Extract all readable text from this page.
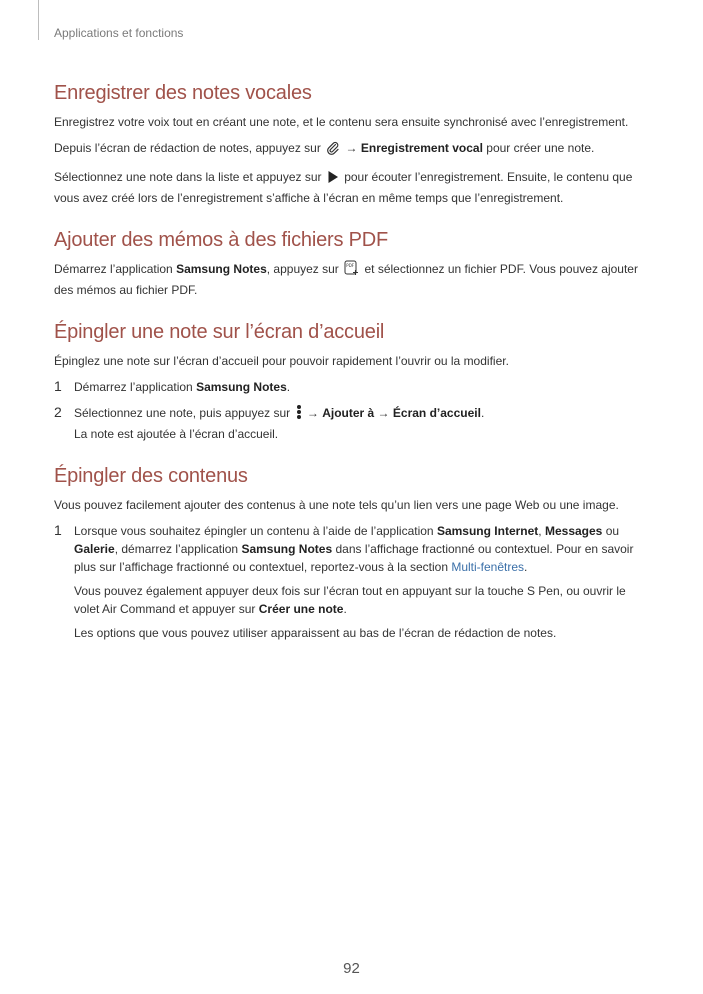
Applications et fonctions
Enregistrer des notes vocales

Enregistrez votre voix tout en créant une note, et le contenu sera ensuite synchronisé avec l’enregistrement.

Depuis l’écran de rédaction de notes, appuyez sur → Enregistrement vocal pour créer une note.

Sélectionnez une note dans la liste et appuyez sur pour écouter l’enregistrement. Ensuite, le contenu que vous avez créé lors de l’enregistrement s’affiche à l’écran en même temps que l’enregistrement.

Ajouter des mémos à des fichiers PDF

Démarrez l’application Samsung Notes, appuyez sur PDF et sélectionnez un fichier PDF. Vous pouvez ajouter des mémos au fichier PDF.

Épingler une note sur l’écran d’accueil

Épinglez une note sur l’écran d’accueil pour pouvoir rapidement l’ouvrir ou la modifier.

1 Démarrez l’application Samsung Notes.

2 Sélectionnez une note, puis appuyez sur → Ajouter à → Écran d’accueil.
La note est ajoutée à l’écran d’accueil.

Épingler des contenus

Vous pouvez facilement ajouter des contenus à une note tels qu’un lien vers une page Web ou une image.

1 Lorsque vous souhaitez épingler un contenu à l’aide de l’application Samsung Internet, Messages ou Galerie, démarrez l’application Samsung Notes dans l’affichage fractionné ou contextuel. Pour en savoir plus sur l’affichage fractionné ou contextuel, reportez-vous à la section Multi-fenêtres.

Vous pouvez également appuyer deux fois sur l’écran tout en appuyant sur la touche S Pen, ou ouvrir le volet Air Command et appuyer sur Créer une note.

Les options que vous pouvez utiliser apparaissent au bas de l’écran de rédaction de notes.

92
